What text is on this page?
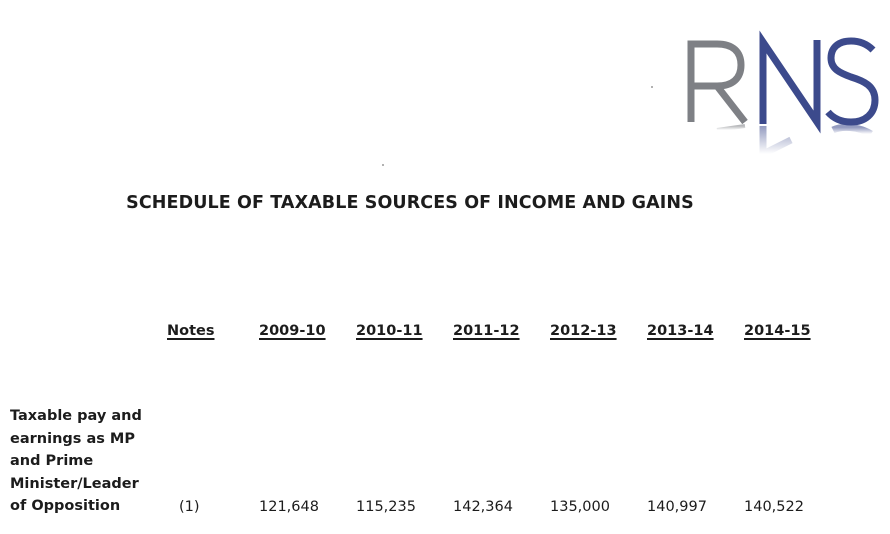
SCHEDULE OF TAXABLE SOURCES OF INCOME AND GAINS
Notes	2009-10 2010-11 2011-12 2012-13 2013-14 2014-15
Taxable pay and
earnings as MP
and Prime
Minister/Leader
of Opposition	(1)	121,648	115,235	142,364	135,000	140,997	140,522
